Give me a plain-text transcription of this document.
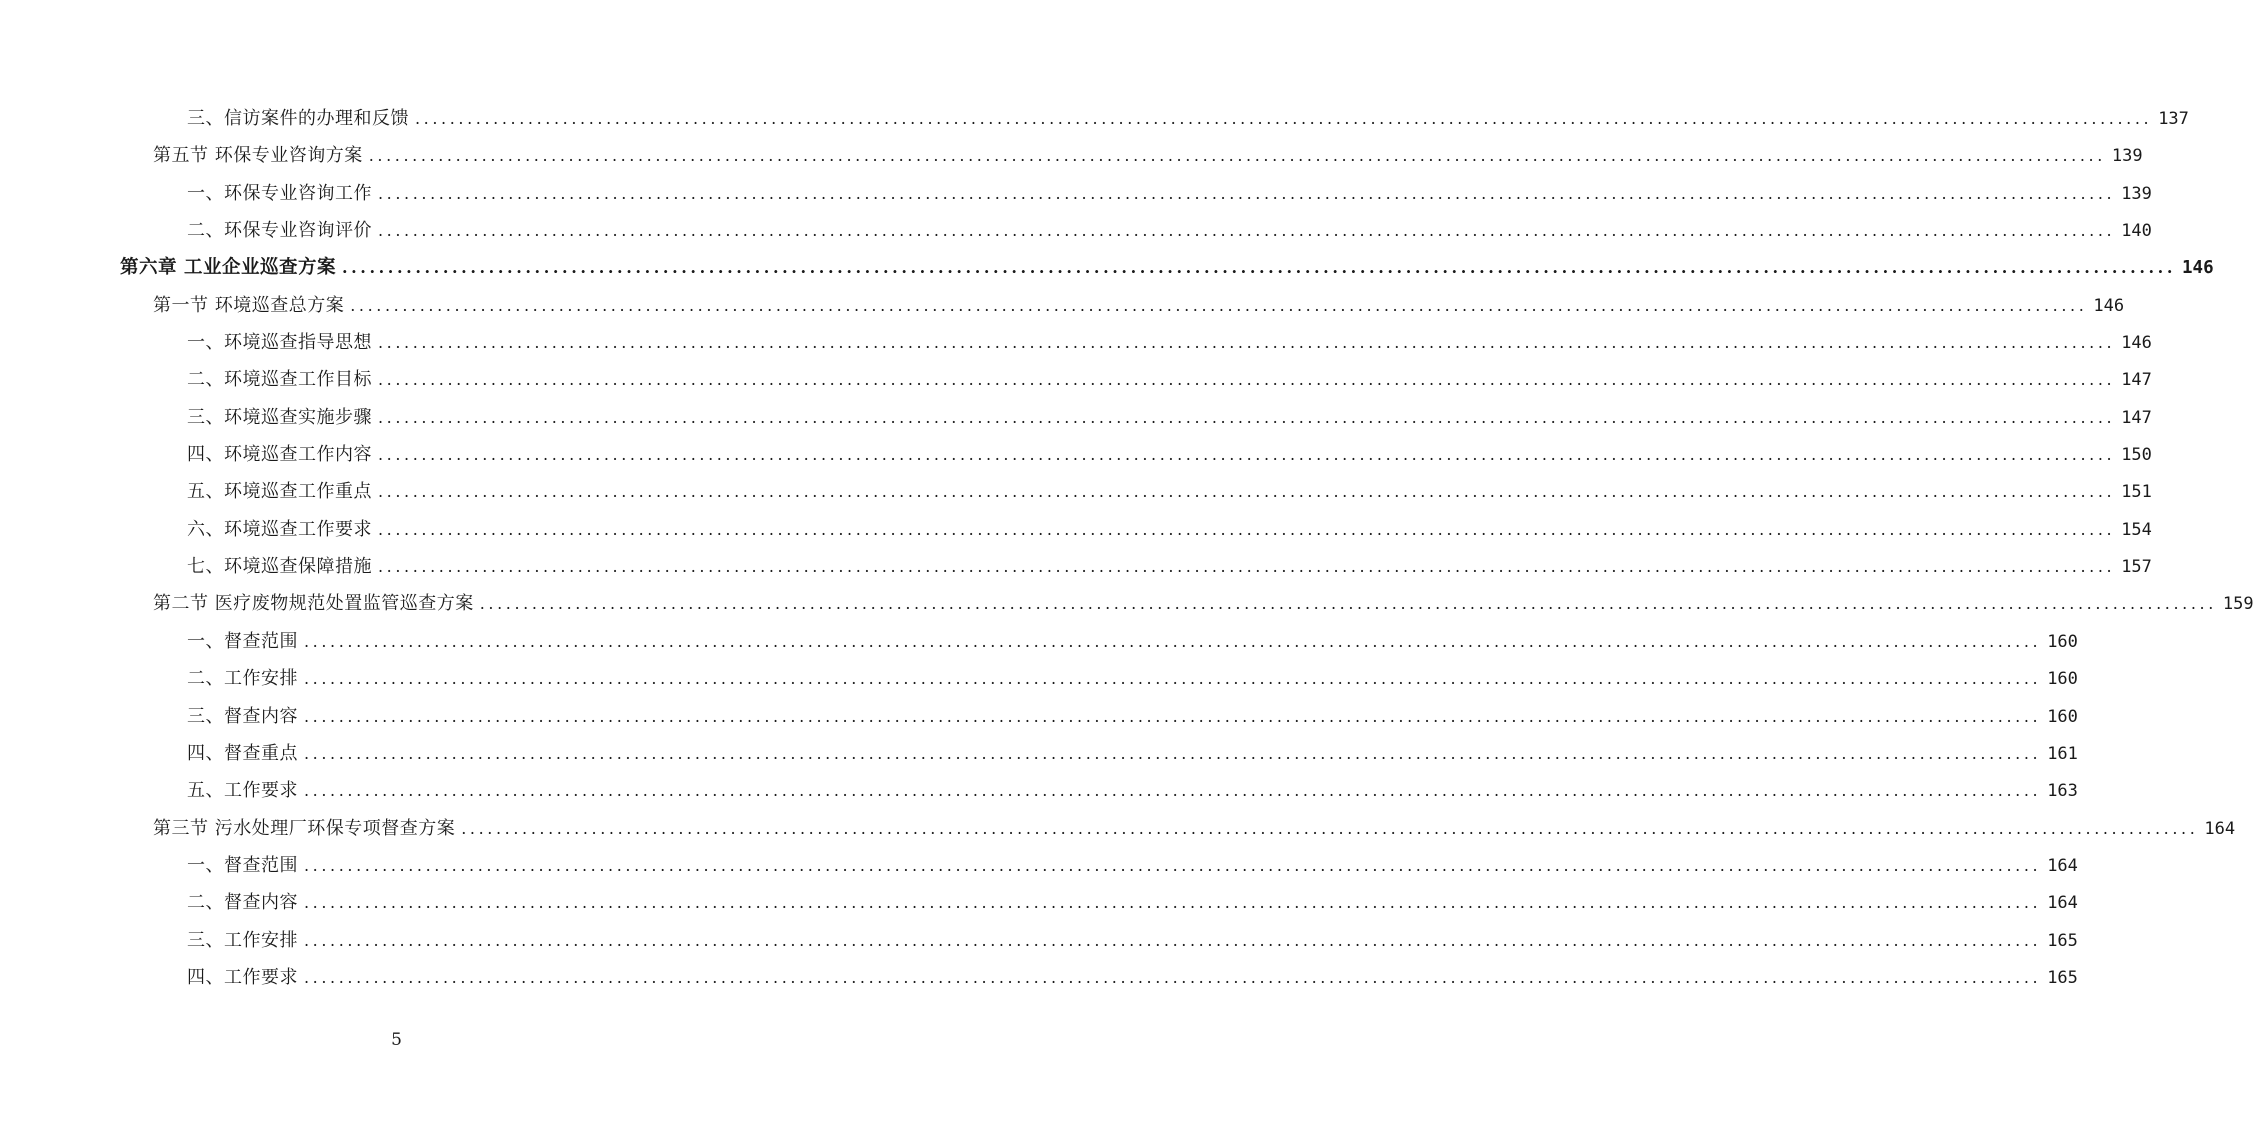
三、信访案件的办理和反馈 ........................................................................................................................................................................................................ 137
第五节 环保专业咨询方案 ........................................................................................................................................................................................................ 139
一、环保专业咨询工作 ........................................................................................................................................................................................................ 139
二、环保专业咨询评价 ........................................................................................................................................................................................................ 140
第六章 工业企业巡查方案 ........................................................................................................................................................................................................ 146
第一节 环境巡查总方案 ........................................................................................................................................................................................................ 146
一、环境巡查指导思想 ........................................................................................................................................................................................................ 146
二、环境巡查工作目标 ........................................................................................................................................................................................................ 147
三、环境巡查实施步骤 ........................................................................................................................................................................................................ 147
四、环境巡查工作内容 ........................................................................................................................................................................................................ 150
五、环境巡查工作重点 ........................................................................................................................................................................................................ 151
六、环境巡查工作要求 ........................................................................................................................................................................................................ 154
七、环境巡查保障措施 ........................................................................................................................................................................................................ 157
第二节 医疗废物规范处置监管巡查方案 ........................................................................................................................................................................................................ 159
一、督查范围 ........................................................................................................................................................................................................ 160
二、工作安排 ........................................................................................................................................................................................................ 160
三、督查内容 ........................................................................................................................................................................................................ 160
四、督查重点 ........................................................................................................................................................................................................ 161
五、工作要求 ........................................................................................................................................................................................................ 163
第三节 污水处理厂环保专项督查方案 ........................................................................................................................................................................................................ 164
一、督查范围 ........................................................................................................................................................................................................ 164
二、督查内容 ........................................................................................................................................................................................................ 164
三、工作安排 ........................................................................................................................................................................................................ 165
四、工作要求 ........................................................................................................................................................................................................ 165
5
